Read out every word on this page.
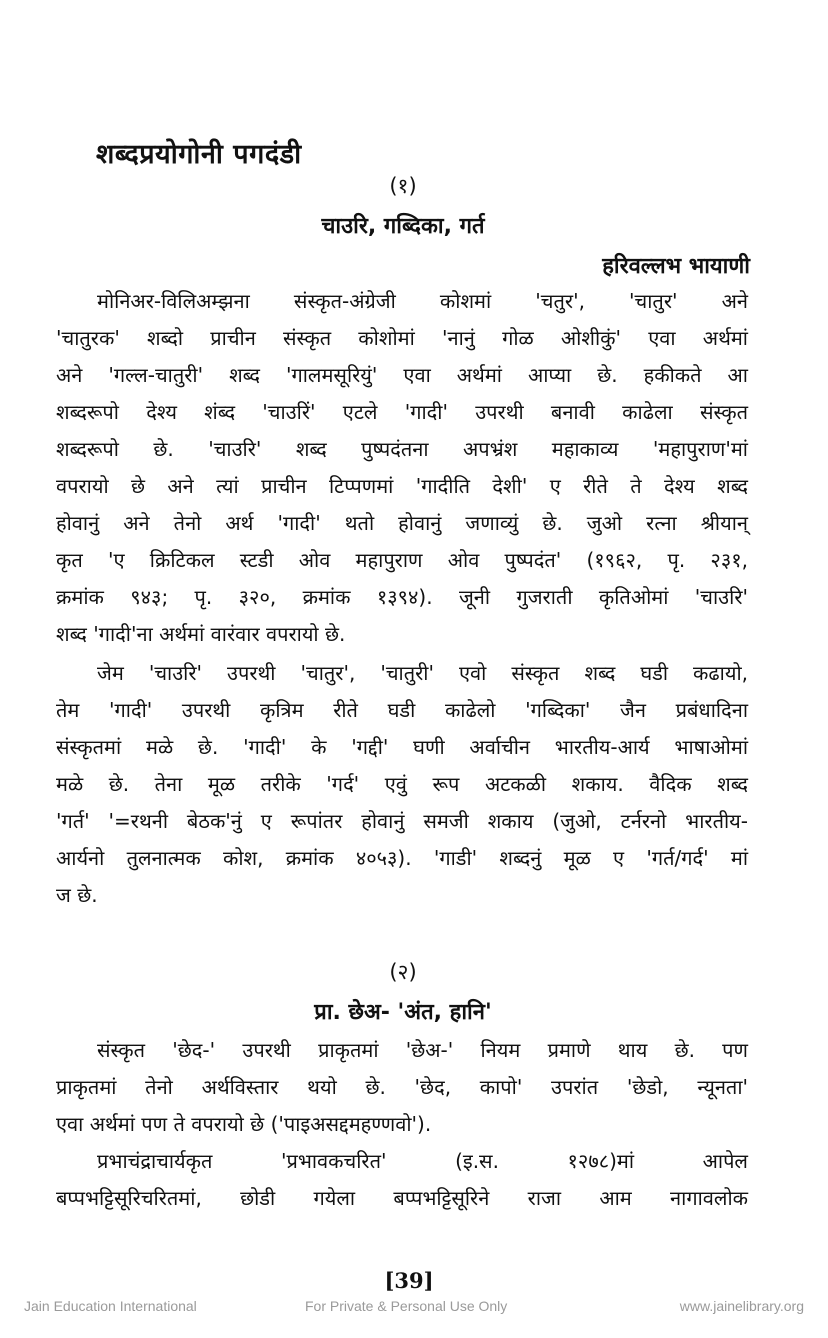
शब्दप्रयोगोनी पगदंडी
(१)
चाउरि, गब्दिका, गर्त
हरिवल्लभ भायाणी
मोनिअर-विलिअम्झना संस्कृत-अंग्रेजी कोशमां 'चतुर', 'चातुर' अने
'चातुरक' शब्दो प्राचीन संस्कृत कोशोमां 'नानुं गोळ ओशीकुं' एवा अर्थमां
अने 'गल्ल-चातुरी' शब्द 'गालमसूरियुं' एवा अर्थमां आप्या छे. हकीकते आ
शब्दरूपो देश्य शंब्द 'चाउरिं' एटले 'गादी' उपरथी बनावी काढेला संस्कृत
शब्दरूपो छे. 'चाउरि' शब्द पुष्पदंतना अपभ्रंश महाकाव्य 'महापुराण'मां
वपरायो छे अने त्यां प्राचीन टिप्पणमां 'गादीति देशी' ए रीते ते देश्य शब्द
होवानुं अने तेनो अर्थ 'गादी' थतो होवानुं जणाव्युं छे. जुओ रत्ना श्रीयान्
कृत 'ए क्रिटिकल स्टडी ओव महापुराण ओव पुष्पदंत' (१९६२, पृ. २३१,
क्रमांक ९४३; पृ. ३२०, क्रमांक १३९४). जूनी गुजराती कृतिओमां 'चाउरि'
शब्द 'गादी'ना अर्थमां वारंवार वपरायो छे.
जेम 'चाउरि' उपरथी 'चातुर', 'चातुरी' एवो संस्कृत शब्द घडी कढायो,
तेम 'गादी' उपरथी कृत्रिम रीते घडी काढेलो 'गब्दिका' जैन प्रबंधादिना
संस्कृतमां मळे छे. 'गादी' के 'गद्दी' घणी अर्वाचीन भारतीय-आर्य भाषाओमां
मळे छे. तेना मूळ तरीके 'गर्द' एवुं रूप अटकळी शकाय. वैदिक शब्द
'गर्त' '=रथनी बेठक'नुं ए रूपांतर होवानुं समजी शकाय (जुओ, टर्नरनो भारतीय-
आर्यनो तुलनात्मक कोश, क्रमांक ४०५३). 'गाडी' शब्दनुं मूळ ए 'गर्त/गर्द' मां
ज छे.
(२)
प्रा. छेअ- 'अंत, हानि'
संस्कृत 'छेद-' उपरथी प्राकृतमां 'छेअ-' नियम प्रमाणे थाय छे. पण
प्राकृतमां तेनो अर्थविस्तार थयो छे. 'छेद, कापो' उपरांत 'छेडो, न्यूनता'
एवा अर्थमां पण ते वपरायो छे ('पाइअसद्दमहण्णवो').
प्रभाचंद्राचार्यकृत 'प्रभावकचरित' (इ.स. १२७८)मां आपेल
बप्पभट्टिसूरिचरितमां, छोडी गयेला बप्पभट्टिसूरिने राजा आम नागावलोक
[39]
Jain Education International	For Private & Personal Use Only	www.jainelibrary.org
